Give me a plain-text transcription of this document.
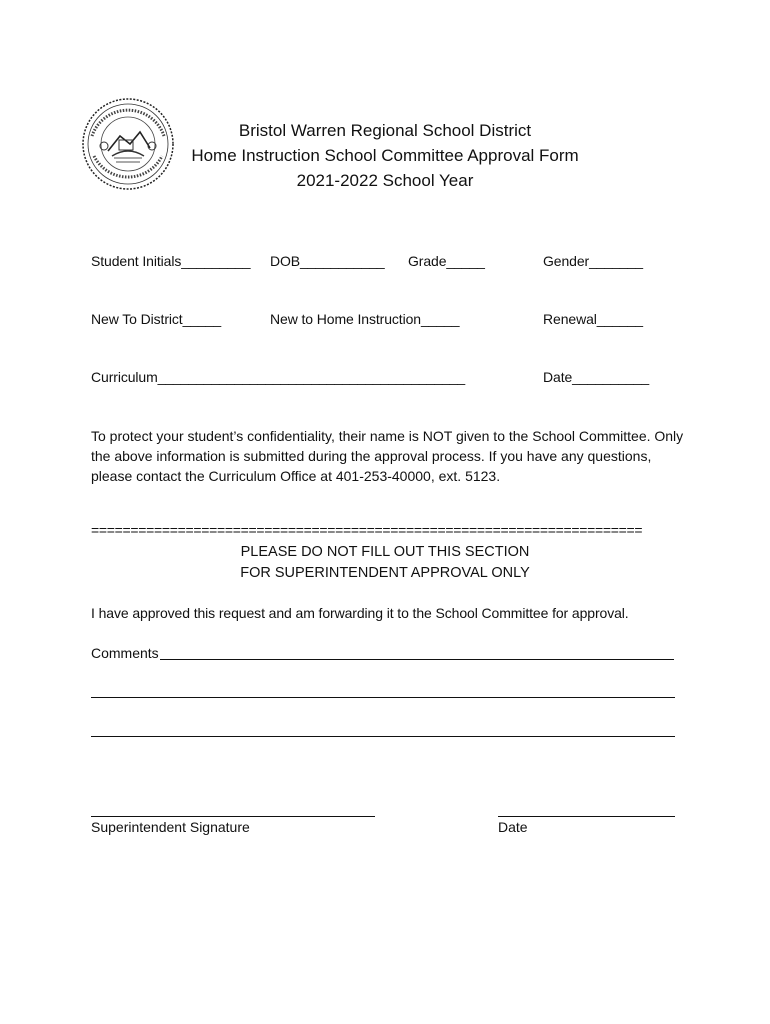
Bristol Warren Regional School District
Home Instruction School Committee Approval Form
2021-2022 School Year
Student Initials_________ DOB___________ Grade_____	Gender_______
New To District_____	New to Home Instruction_____	Renewal______
Curriculum________________________________________	Date__________
To protect your student’s confidentiality, their name is NOT given to the School Committee. Only
the above information is submitted during the approval process. If you have any questions,
please contact the Curriculum Office at 401-253-40000, ext. 5123.
======================================================================
PLEASE DO NOT FILL OUT THIS SECTION
FOR SUPERINTENDENT APPROVAL ONLY
I have approved this request and am forwarding it to the School Committee for approval.
Comments
Superintendent Signature	Date
